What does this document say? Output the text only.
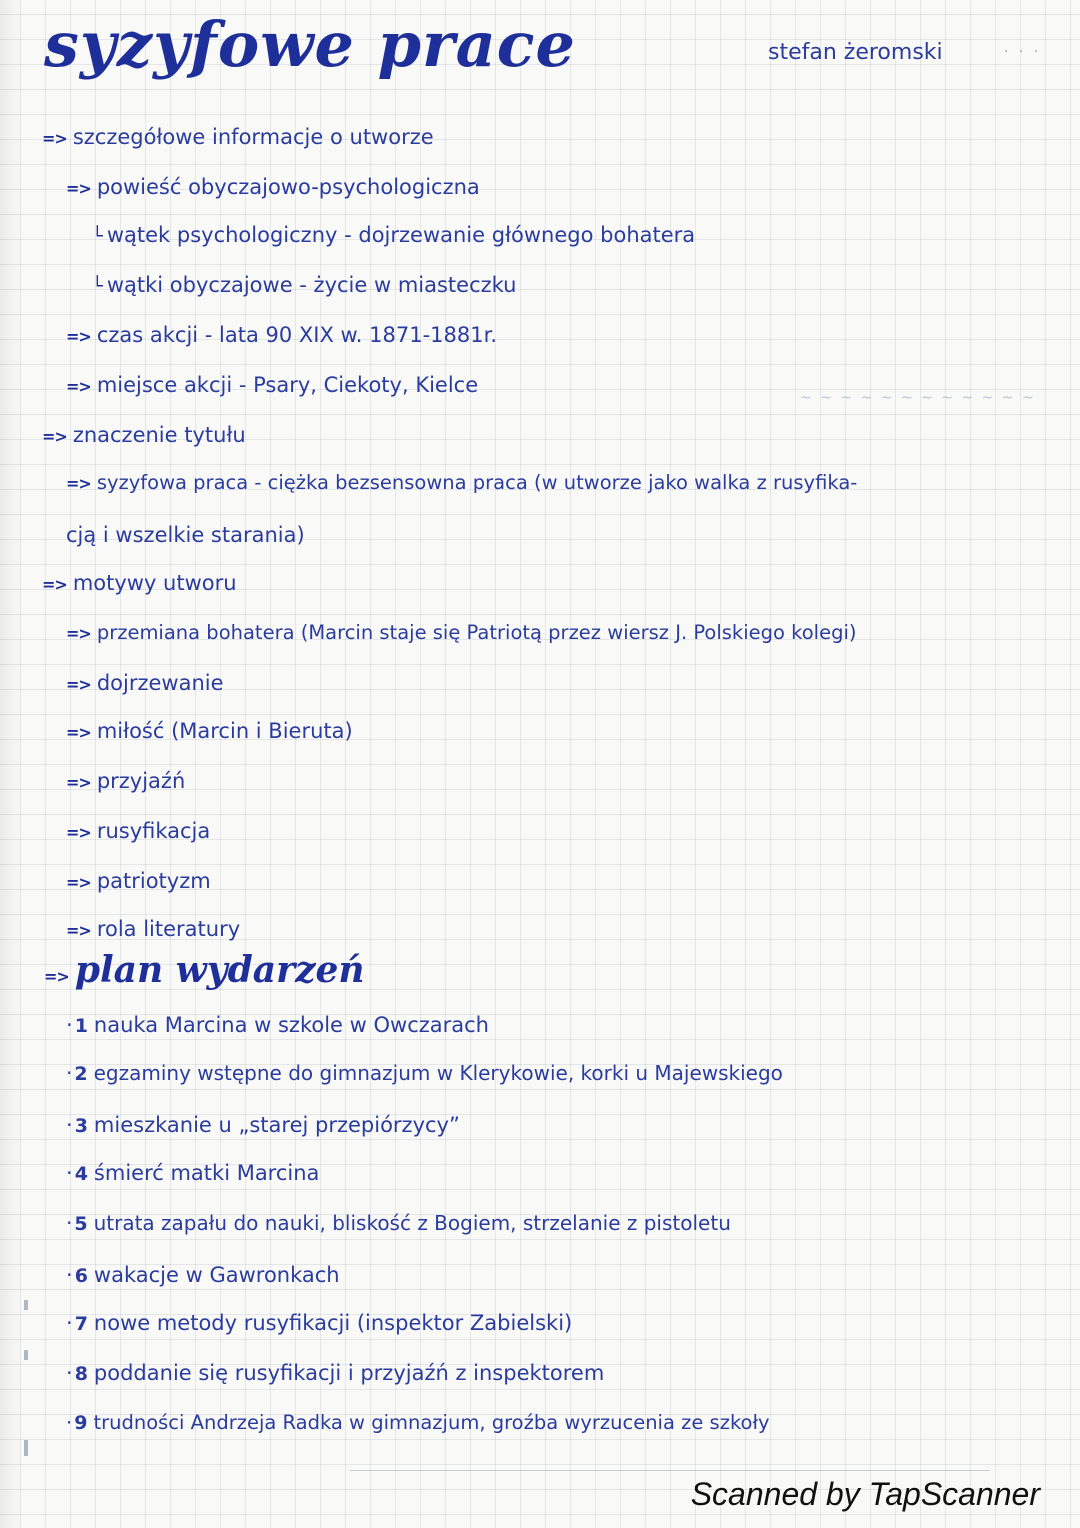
syzyfowe prace	stefan żeromski	· · ·
=> szczegółowe informacje o utworze
=> powieść obyczajowo-psychologiczna
└ wątek psychologiczny - dojrzewanie głównego bohatera
└ wątki obyczajowe - życie w miasteczku
=> czas akcji - lata 90 XIX w. 1871-1881r.
=> miejsce akcji - Psary, Ciekoty, Kielce
~ ~ ~ ~ ~ ~ ~ ~ ~ ~ ~ ~
=> znaczenie tytułu
=> syzyfowa praca - ciężka bezsensowna praca (w utworze jako walka z rusyfika-
cją i wszelkie starania)
=> motywy utworu
=> przemiana bohatera (Marcin staje się Patriotą przez wiersz J. Polskiego kolegi)
=> dojrzewanie
=> miłość (Marcin i Bieruta)
=> przyjaźń
=> rusyfikacja
=> patriotyzm
=> rola literatury
=> plan wydarzeń
· 1 nauka Marcina w szkole w Owczarach
· 2 egzaminy wstępne do gimnazjum w Klerykowie, korki u Majewskiego
· 3 mieszkanie u „starej przepiórzycy”
· 4 śmierć matki Marcina
· 5 utrata zapału do nauki, bliskość z Bogiem, strzelanie z pistoletu
· 6 wakacje w Gawronkach
· 7 nowe metody rusyfikacji (inspektor Zabielski)
· 8 poddanie się rusyfikacji i przyjaźń z inspektorem
· 9 trudności Andrzeja Radka w gimnazjum, groźba wyrzucenia ze szkoły
Scanned by TapScanner
